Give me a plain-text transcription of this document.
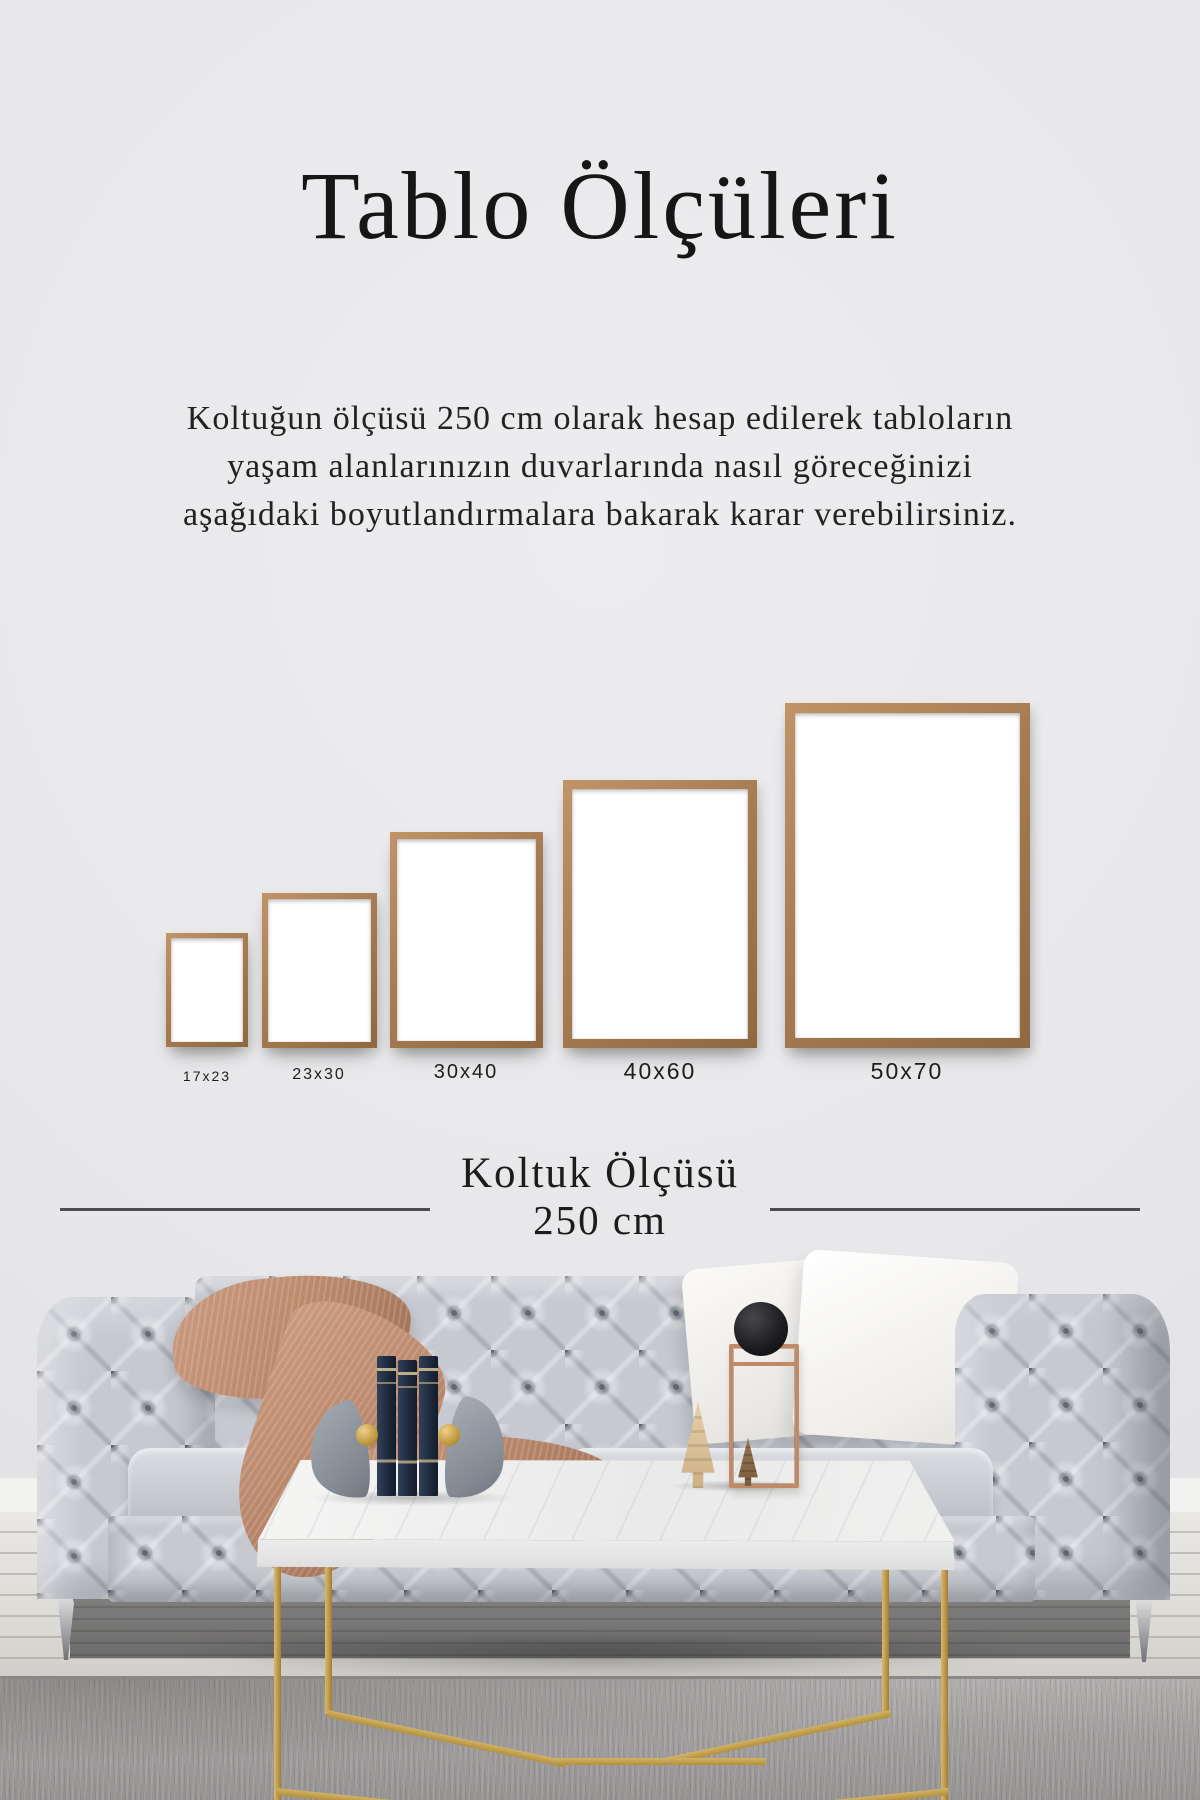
Tablo Ölçüleri
Koltuğun ölçüsü 250 cm olarak hesap edilerek tabloların
yaşam alanlarınızın duvarlarında nasıl göreceğinizi
aşağıdaki boyutlandırmalara bakarak karar verebilirsiniz.
17x23	23x30	30x40	40x60	50x70
Koltuk Ölçüsü
250 cm
